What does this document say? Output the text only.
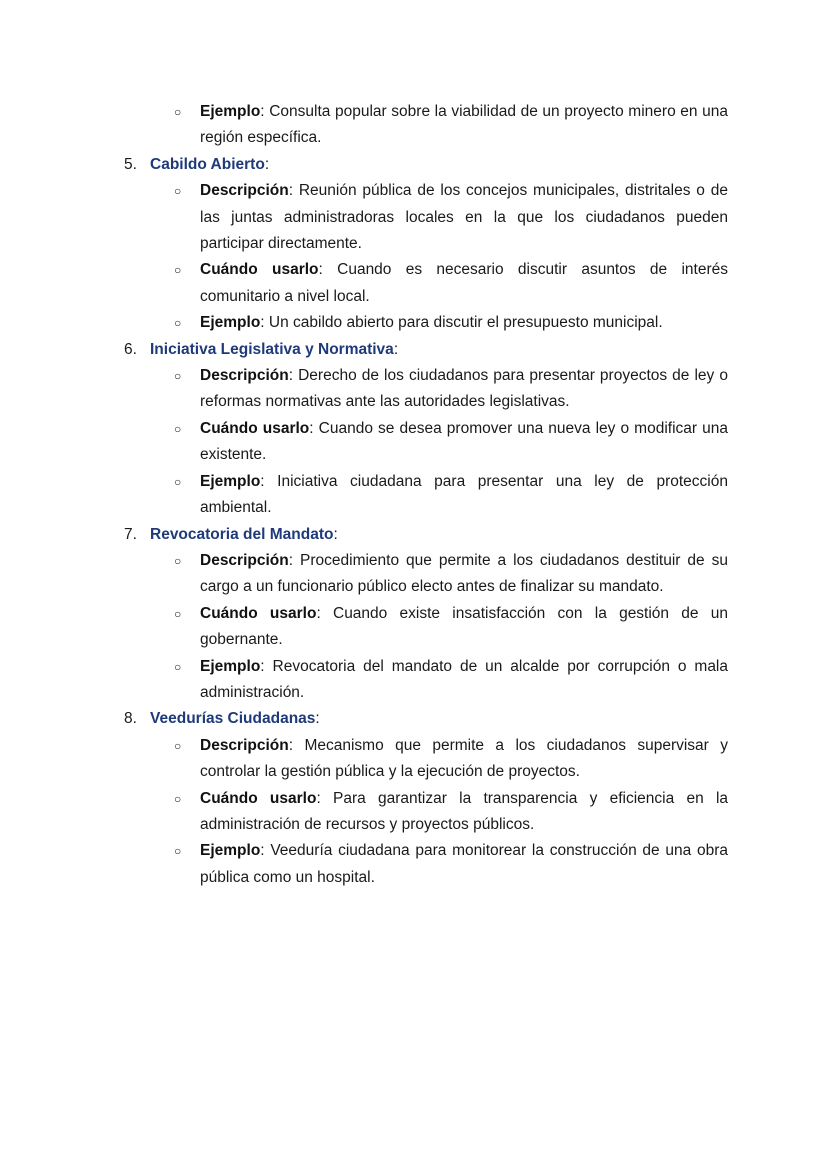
○ Ejemplo: Consulta popular sobre la viabilidad de un proyecto minero en una región específica.
5. Cabildo Abierto:
○ Descripción: Reunión pública de los concejos municipales, distritales o de las juntas administradoras locales en la que los ciudadanos pueden participar directamente.
○ Cuándo usarlo: Cuando es necesario discutir asuntos de interés comunitario a nivel local.
○ Ejemplo: Un cabildo abierto para discutir el presupuesto municipal.
6. Iniciativa Legislativa y Normativa:
○ Descripción: Derecho de los ciudadanos para presentar proyectos de ley o reformas normativas ante las autoridades legislativas.
○ Cuándo usarlo: Cuando se desea promover una nueva ley o modificar una existente.
○ Ejemplo: Iniciativa ciudadana para presentar una ley de protección ambiental.
7. Revocatoria del Mandato:
○ Descripción: Procedimiento que permite a los ciudadanos destituir de su cargo a un funcionario público electo antes de finalizar su mandato.
○ Cuándo usarlo: Cuando existe insatisfacción con la gestión de un gobernante.
○ Ejemplo: Revocatoria del mandato de un alcalde por corrupción o mala administración.
8. Veedurías Ciudadanas:
○ Descripción: Mecanismo que permite a los ciudadanos supervisar y controlar la gestión pública y la ejecución de proyectos.
○ Cuándo usarlo: Para garantizar la transparencia y eficiencia en la administración de recursos y proyectos públicos.
○ Ejemplo: Veeduría ciudadana para monitorear la construcción de una obra pública como un hospital.
